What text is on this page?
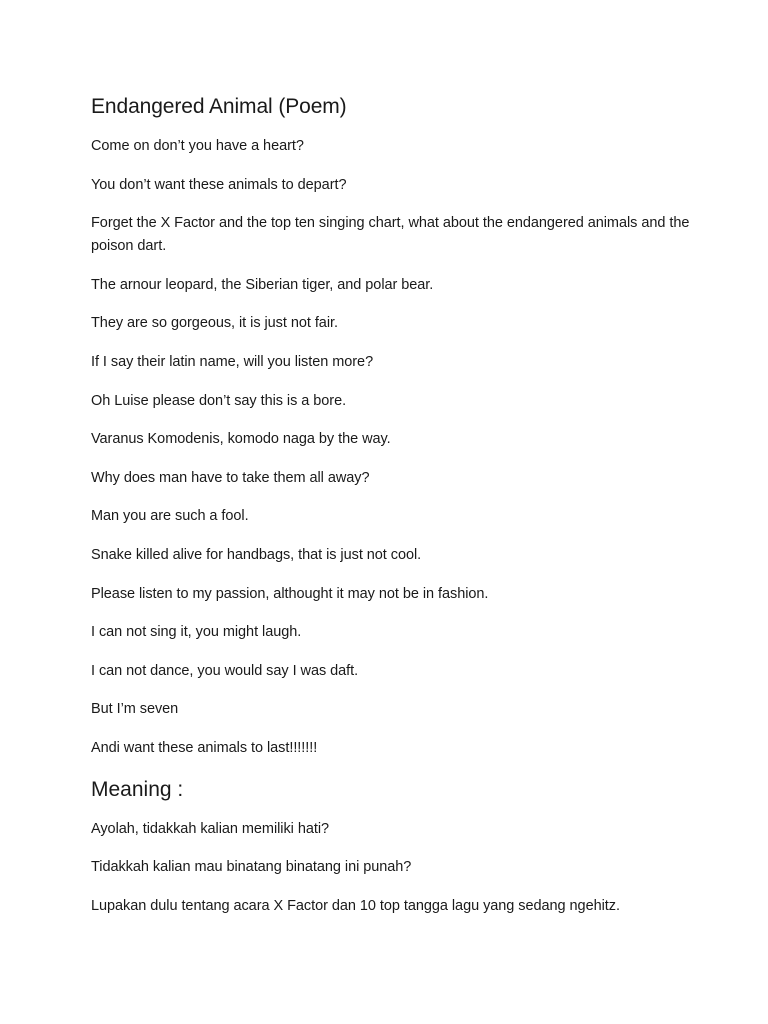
Endangered Animal (Poem)

Come on don’t you have a heart?

You don’t want these animals to depart?

Forget the X Factor and the top ten singing chart, what about the endangered animals and the poison dart.

The arnour leopard, the Siberian tiger, and polar bear.

They are so gorgeous, it is just not fair.

If I say their latin name, will you listen more?

Oh Luise please don’t say this is a bore.

Varanus Komodenis, komodo naga by the way.

Why does man have to take them all away?

Man you are such a fool.

Snake killed alive for handbags, that is just not cool.

Please listen to my passion, althought it may not be in fashion.

I can not sing it, you might laugh.

I can not dance, you would say I was daft.

But I’m seven

Andi want these animals to last!!!!!!!

Meaning :

Ayolah, tidakkah kalian memiliki hati?

Tidakkah kalian mau binatang binatang ini punah?

Lupakan dulu tentang acara X Factor dan 10 top tangga lagu yang sedang ngehitz.
